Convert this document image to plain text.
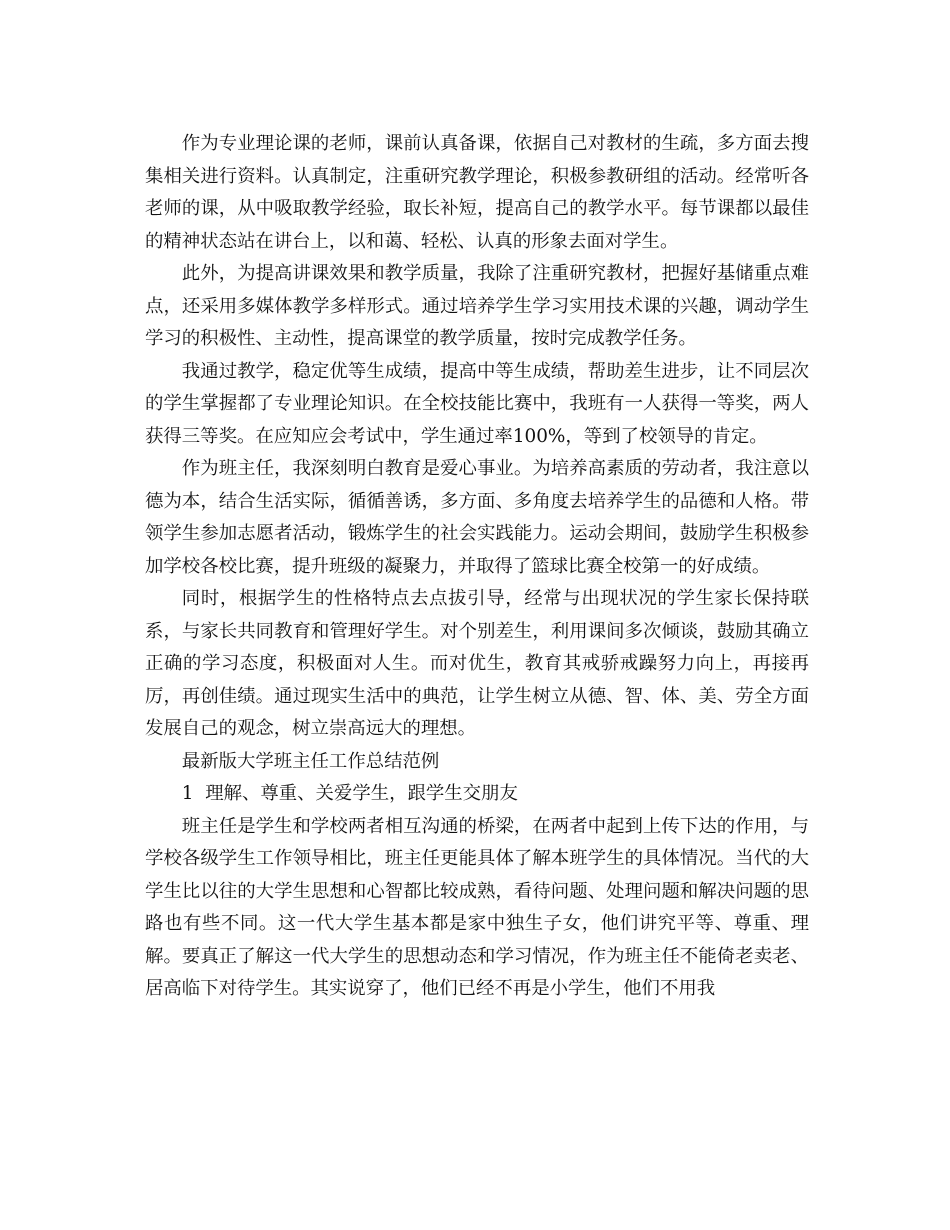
作为专业理论课的老师，课前认真备课，依据自己对教材的生疏，多方面去搜集相关进行资料。认真制定，注重研究教学理论，积极参教研组的活动。经常听各老师的课，从中吸取教学经验，取长补短，提高自己的教学水平。每节课都以最佳的精神状态站在讲台上，以和蔼、轻松、认真的形象去面对学生。

此外，为提高讲课效果和教学质量，我除了注重研究教材，把握好基储重点难点，还采用多媒体教学多样形式。通过培养学生学习实用技术课的兴趣，调动学生学习的积极性、主动性，提高课堂的教学质量，按时完成教学任务。

我通过教学，稳定优等生成绩，提高中等生成绩，帮助差生进步，让不同层次的学生掌握都了专业理论知识。在全校技能比赛中，我班有一人获得一等奖，两人获得三等奖。在应知应会考试中，学生通过率100%，等到了校领导的肯定。

作为班主任，我深刻明白教育是爱心事业。为培养高素质的劳动者，我注意以德为本，结合生活实际，循循善诱，多方面、多角度去培养学生的品德和人格。带领学生参加志愿者活动，锻炼学生的社会实践能力。运动会期间，鼓励学生积极参加学校各校比赛，提升班级的凝聚力，并取得了篮球比赛全校第一的好成绩。

同时，根据学生的性格特点去点拔引导，经常与出现状况的学生家长保持联系，与家长共同教育和管理好学生。对个别差生，利用课间多次倾谈，鼓励其确立正确的学习态度，积极面对人生。而对优生，教育其戒骄戒躁努力向上，再接再厉，再创佳绩。通过现实生活中的典范，让学生树立从德、智、体、美、劳全方面发展自己的观念，树立崇高远大的理想。

最新版大学班主任工作总结范例

1  理解、尊重、关爱学生，跟学生交朋友

班主任是学生和学校两者相互沟通的桥梁，在两者中起到上传下达的作用，与学校各级学生工作领导相比，班主任更能具体了解本班学生的具体情况。当代的大学生比以往的大学生思想和心智都比较成熟，看待问题、处理问题和解决问题的思路也有些不同。这一代大学生基本都是家中独生子女，他们讲究平等、尊重、理解。要真正了解这一代大学生的思想动态和学习情况，作为班主任不能倚老卖老、居高临下对待学生。其实说穿了，他们已经不再是小学生，他们不用我
